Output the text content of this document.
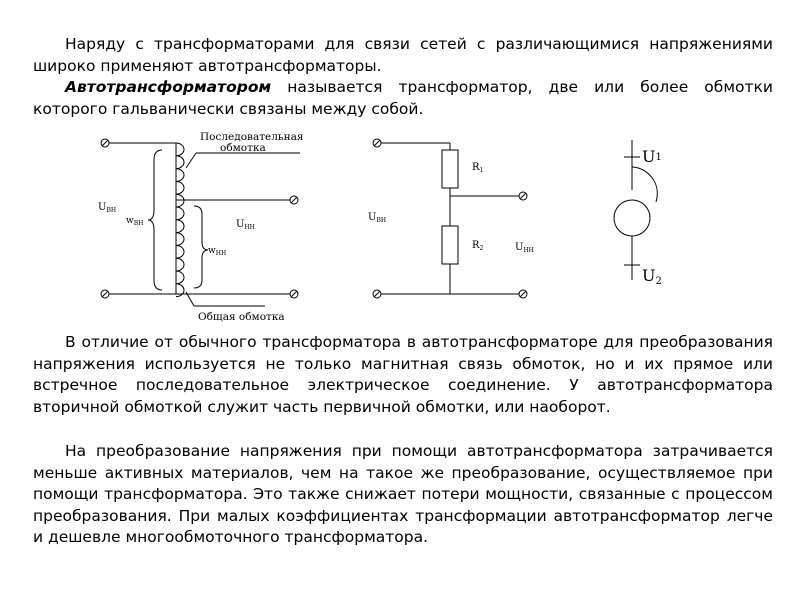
Наряду с трансформаторами для связи сетей с различающимися напряжениями широко применяют автотрансформаторы.

Автотрансформатором называется трансформатор, две или более обмотки которого гальванически связаны между собой.

Последовательная
обмотка
Общая обмотка
$U_{ВН}$
$w_{ВН}$	$U_{НН}$
$w_{НН}$
$R_1$
$R_2$
$U_{ВН}$
$U_{НН}$
U1
U2

В отличие от обычного трансформатора в автотрансформаторе для преобразования напряжения используется не только магнитная связь обмоток, но и их прямое или встречное последовательное электрическое соединение. У автотрансформатора вторичной обмоткой служит часть первичной обмотки, или наоборот.

На преобразование напряжения при помощи автотрансформатора затрачивается меньше активных материалов, чем на такое же преобразование, осуществляемое при помощи трансформатора. Это также снижает потери мощности, связанные с процессом преобразования. При малых коэффициентах трансформации автотрансформатор легче и дешевле многообмоточного трансформатора.
